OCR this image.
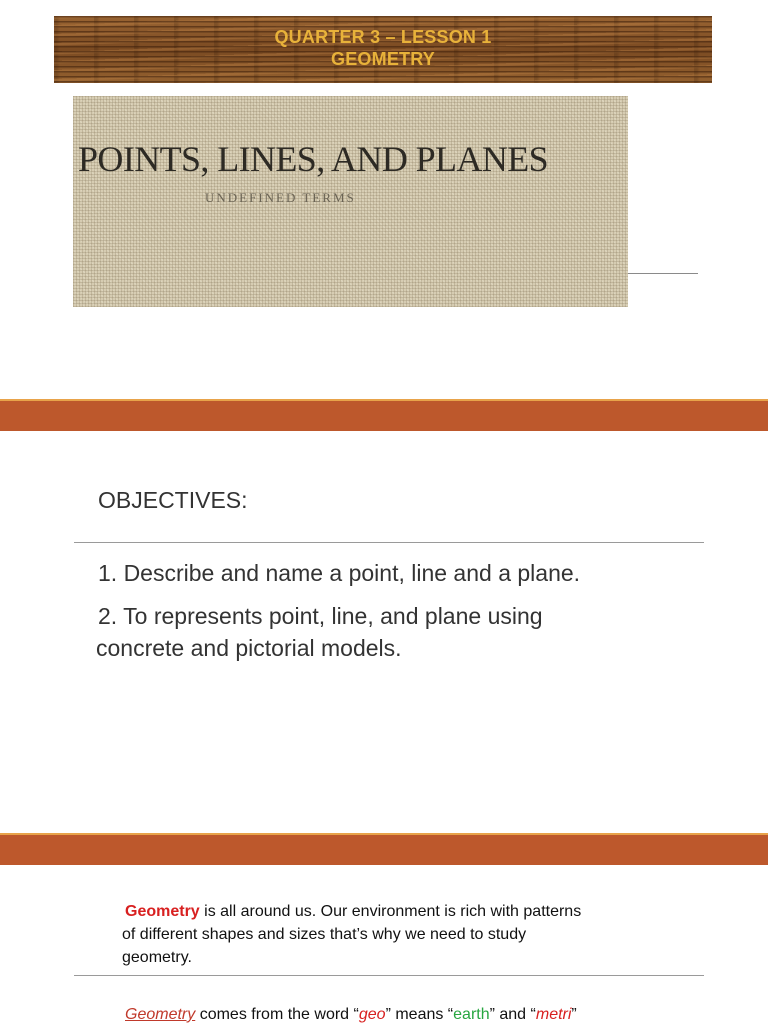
QUARTER 3 – LESSON 1
GEOMETRY
POINTS, LINES, AND PLANES
UNDEFINED TERMS
OBJECTIVES:
1. Describe and name a point, line and a plane.
2. To represents point, line, and plane using
concrete and pictorial models.
Geometry is all around us. Our environment is rich with patterns of different shapes and sizes that’s why we need to study geometry.
Geometry comes from the word “geo” means “earth” and “metri”
